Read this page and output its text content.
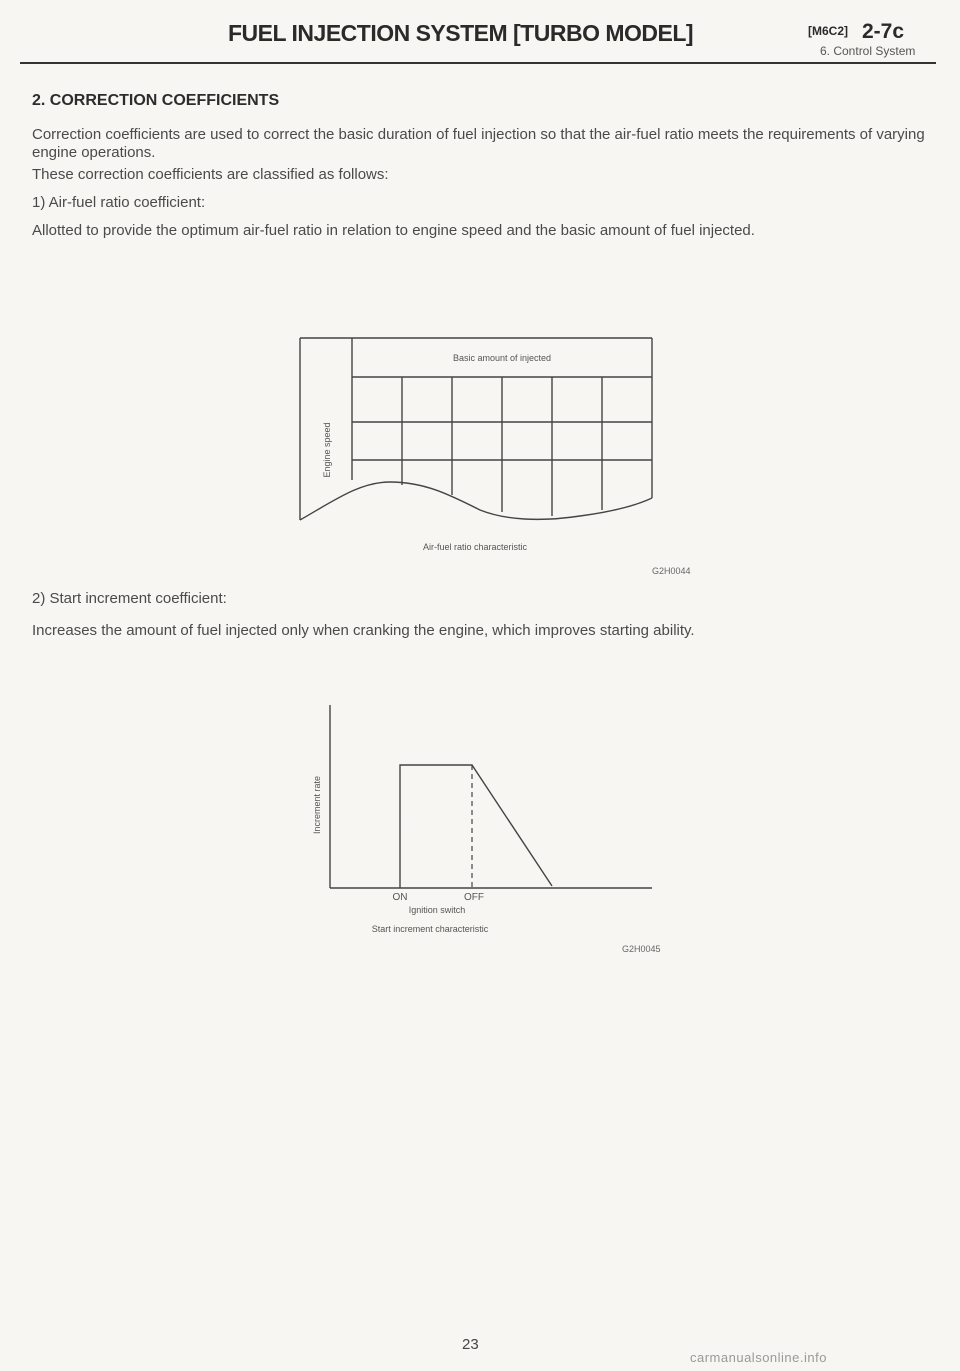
FUEL INJECTION SYSTEM [TURBO MODEL]	[M6C2] 2-7c
6. Control System
2. CORRECTION COEFFICIENTS
Correction coefficients are used to correct the basic duration of fuel injection so that the air-fuel ratio meets the requirements of varying engine operations.
These correction coefficients are classified as follows:
1) Air-fuel ratio coefficient:
Allotted to provide the optimum air-fuel ratio in relation to engine speed and the basic amount of fuel injected.
Basic amount of injected
Engine speed
Air-fuel ratio characteristic
G2H0044
2) Start increment coefficient:
Increases the amount of fuel injected only when cranking the engine, which improves starting ability.
Increment rate
ON	OFF
Ignition switch
Start increment characteristic
G2H0045
23
carmanualsonline.info
